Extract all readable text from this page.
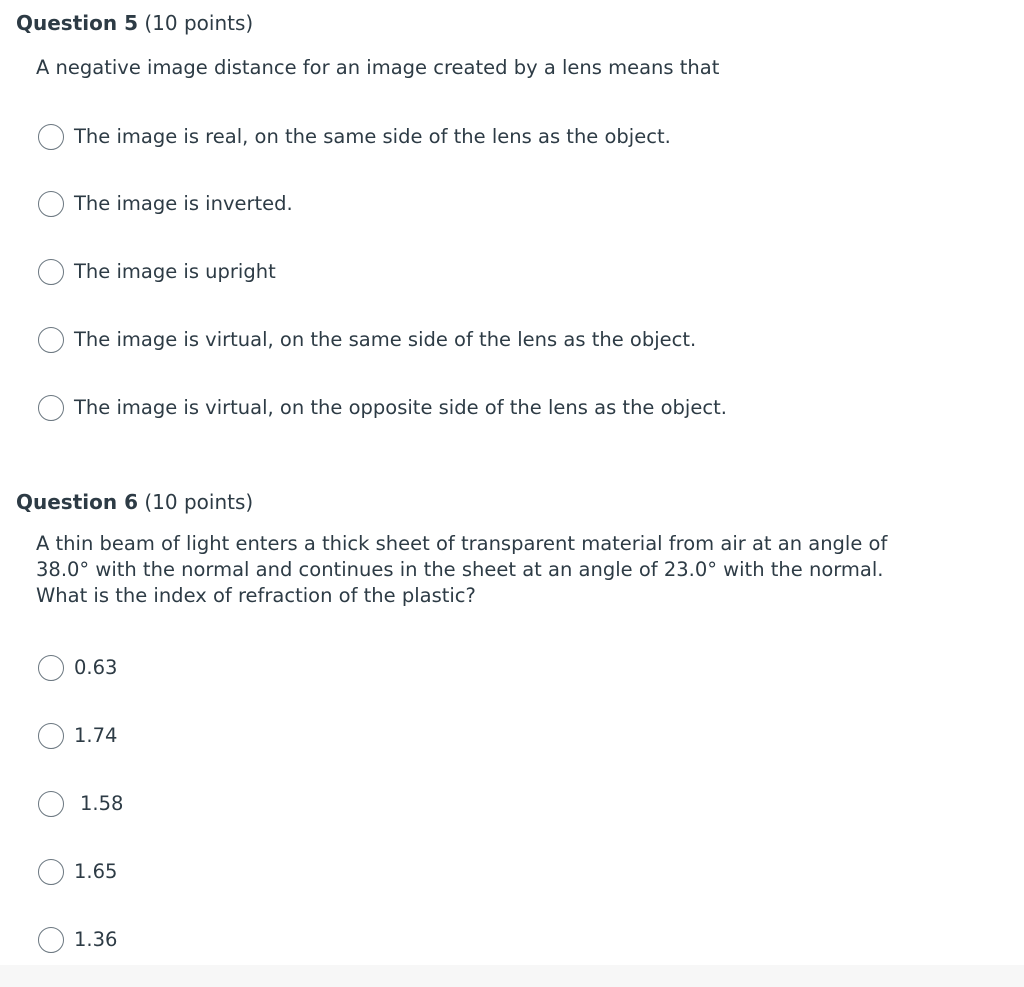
Question 5 (10 points)
A negative image distance for an image created by a lens means that
The image is real, on the same side of the lens as the object.
The image is inverted.
The image is upright
The image is virtual, on the same side of the lens as the object.
The image is virtual, on the opposite side of the lens as the object.
Question 6 (10 points)
A thin beam of light enters a thick sheet of transparent material from air at an angle of 38.0° with the normal and continues in the sheet at an angle of 23.0° with the normal. What is the index of refraction of the plastic?
0.63
1.74
1.58
1.65
1.36
